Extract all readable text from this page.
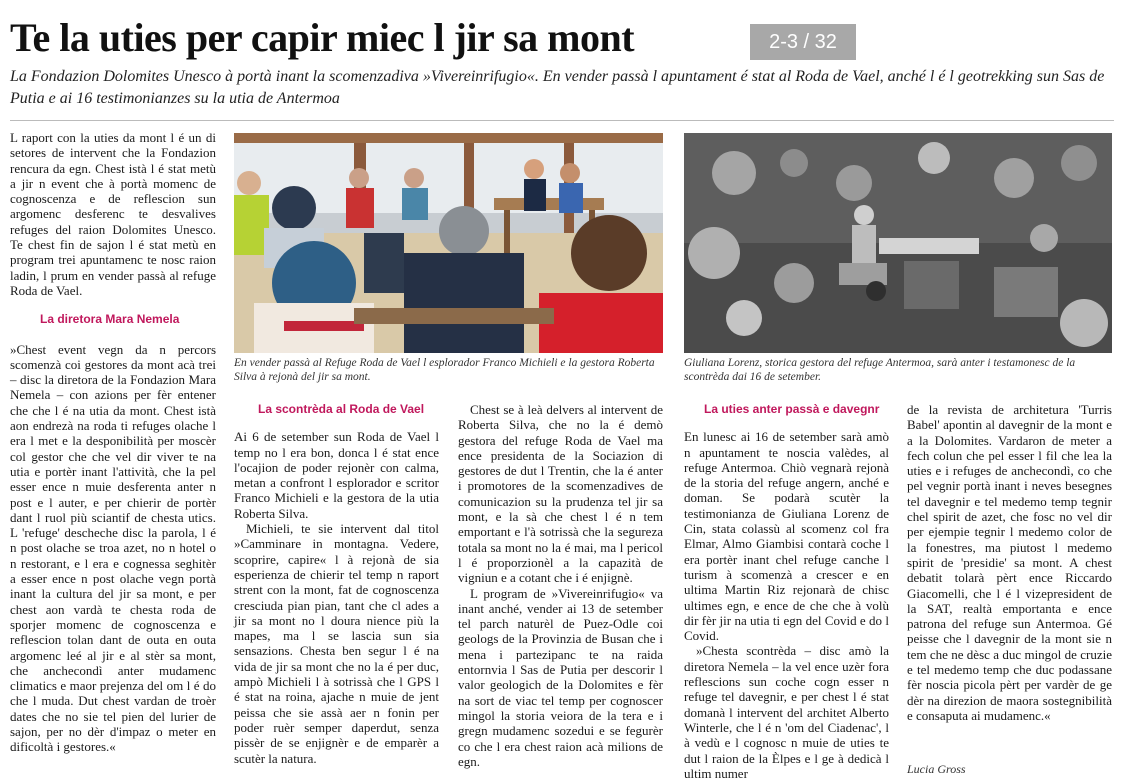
Te la uties per capir miec l jir sa mont	2-3 / 32
La Fondazion Dolomites Unesco à portà inant la scomenzadiva »Vivereinrifugio«. En vender passà l apuntament é stat al Roda de Vael, anché l é l geotrekking sun Sas de Putia e ai 16 testimonianzes su la utia de Antermoa

L raport con la uties da mont l é un di setores de intervent che la Fondazion rencura da egn. Chest istà l é stat metù a jir n event che à portà momenc de cognoscenza e de reflescion sun argomenc desferenc te desvalives refuges del raion Dolomites Unesco. Te chest fin de sajon l é stat metù en program trei apuntamenc te nosc raion ladin, l prum en vender passà al refuge Roda de Vael.

La diretora Mara Nemela

»Chest event vegn da n percors scomenzà coi gestores da mont acà trei – disc la diretora de la Fondazion Mara Nemela – con azions per fèr entener che che l é na utia da mont. Chest istà aon endrezà na roda ti refuges olache l era l met e la desponibilità per moscèr col gestor che che vel dir viver te na utia e portèr inant l'attività, che la pel esser ence n muie desferenta anter n post e l auter, e per chierir de portèr dant l ruol più sciantif de chesta utics. L 'refuge' descheche disc la parola, l é n post olache se troa azet, no n hotel o n restorant, e l era e cognessa seghitèr a esser ence n post olache vegn portà inant la cultura del jir sa mont, e per chest aon vardà te chesta roda de sporjer momenc de cognoscenza e reflescion tolan dant de outa en outa argomenc leé al jir e al stèr sa mont, che anchecondì anter mudamenc climatics e maor prejenza del om l é do che l muda. Dut chest vardan de troèr dates che no sie tel pien del lurier de sajon, per no dèr d'impaz o meter en dificoltà i gestores.«

En vender passà al Refuge Roda de Vael l esplorador Franco Michieli e la gestora Roberta Silva à rejonà del jir sa mont.
Giuliana Lorenz, storica gestora del refuge Antermoa, sarà anter i testamonesc de la scontrèda dai 16 de setember.
La scontrèda al Roda de Vael

Ai 6 de setember sun Roda de Vael l temp no l era bon, donca l é stat ence l'ocajion de poder rejonèr con calma, metan a confront l esplorador e scritor Franco Michieli e la gestora de la utia Roberta Silva.

Michieli, te sie intervent dal titol »Camminare in montagna. Vedere, scoprire, capire« l à rejonà de sia esperienza de chierir tel temp n raport strent con la mont, fat de cognoscenza cresciuda pian pian, tant che cl ades a jir sa mont no l doura nience più la mapes, ma l se lascia sun sia sensazions. Chesta ben segur l é na vida de jir sa mont che no la é per duc, ampò Michieli l à sotrissà che l GPS l é stat na roina, ajache n muie de jent peissa che sie assà aer n fonin per poder ruèr semper daperdut, senza pissèr de se enjignèr e de emparèr a scutèr la natura.

Chest se à leà delvers al intervent de Roberta Silva, che no la é demò gestora del refuge Roda de Vael ma ence presidenta de la Sociazion di gestores de dut l Trentin, che la é anter i promotores de la scomenzadives de comunicazion su la prudenza tel jir sa mont, e la sà che chest l é n tem emportant e l'à sotrissà che la segureza totala sa mont no la é mai, ma l pericol l é proporzionèl a la capazità de vigniun e a cotant che i é enjignè.

L program de »Vivereinrifugio« va inant anché, vender ai 13 de setember tel parch naturèl de Puez-Odle coi geologs de la Provinzia de Busan che i mena i partezipanc te na raida entornvia l Sas de Putia per descorir l valor geologich de la Dolomites e fèr na sort de viac tel temp per cognoscer mingol la storia veiora de la tera e i gregn mudamenc sozedui e se fegurèr co che l era chest raion acà milions de egn.

La uties anter passà e davegnr

En lunesc ai 16 de setember sarà amò n apuntament te noscia valèdes, al refuge Antermoa. Chiò vegnarà rejonà de la storia del refuge angern, anché e doman. Se podarà scutèr la testimonianza de Giuliana Lorenz de Cin, stata colassù al scomenz col fra Elmar, Almo Giambisi contarà coche l era portèr inant chel refuge canche l turism à scomenzà a crescer e en ultima Martin Riz rejonarà de chisc ultimes egn, e ence de che che à volù dir fèr jir na utia ti egn del Covid e do l Covid.

»Chesta scontrèda – disc amò la diretora Nemela – la vel ence uzèr fora reflescions sun coche cogn esser n refuge tel davegnir, e per chest l é stat domanà l intervent del architet Alberto Winterle, che l é n 'om del Ciadenac', l à vedù e l cognosc n muie de uties te dut l raion de la Èlpes e l ge à dedicà l ultim numer

de la revista de architetura 'Turris Babel' apontin al davegnir de la mont e a la Dolomites. Vardaron de meter a fech colun che pel esser l fil che lea la uties e i refuges de anchecondì, co che pel vegnir portà inant i neves besegnes tel davegnir e tel medemo temp tegnir chel spirit de azet, che fosc no vel dir per ejempie tegnir l medemo color de la fonestres, ma piutost l medemo spirit de 'presidie' sa mont. A chest debatit tolarà pèrt ence Riccardo Giacomelli, che l é l vizepresident de la SAT, realtà emportanta e ence patrona del refuge sun Antermoa. Gé peisse che l davegnir de la mont sie n tem che ne dèsc a duc mingol de cruzie e tel medemo temp che duc podassane fèr noscia picola pèrt per vardèr de ge dèr na direzion de maora sostegnibilità e consaputa ai mudamenc.«

Lucia Gross
